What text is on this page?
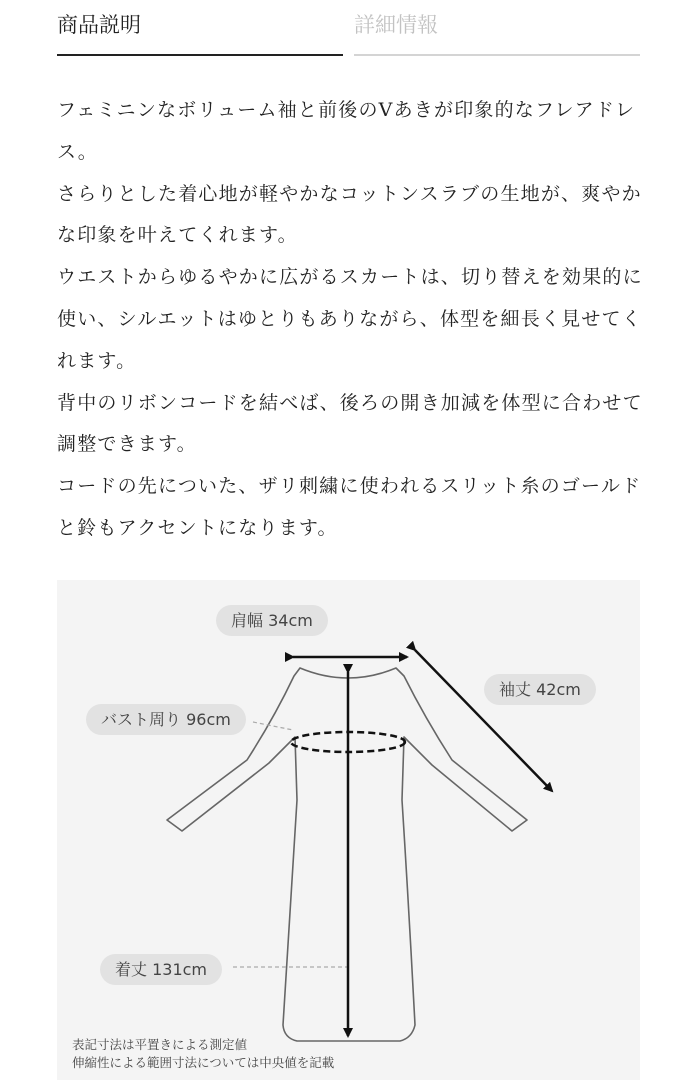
商品説明	詳細情報

フェミニンなボリューム袖と前後のVあきが印象的なフレアドレス。

さらりとした着心地が軽やかなコットンスラブの生地が、爽やかな印象を叶えてくれます。

ウエストからゆるやかに広がるスカートは、切り替えを効果的に使い、シルエットはゆとりもありながら、体型を細長く見せてくれます。

背中のリボンコードを結べば、後ろの開き加減を体型に合わせて調整できます。

コードの先についた、ザリ刺繍に使われるスリット糸のゴールドと鈴もアクセントになります。

肩幅 34cm
袖丈 42cm
バスト周り 96cm
着丈 131cm
表記寸法は平置きによる測定値
伸縮性による範囲寸法については中央値を記載
